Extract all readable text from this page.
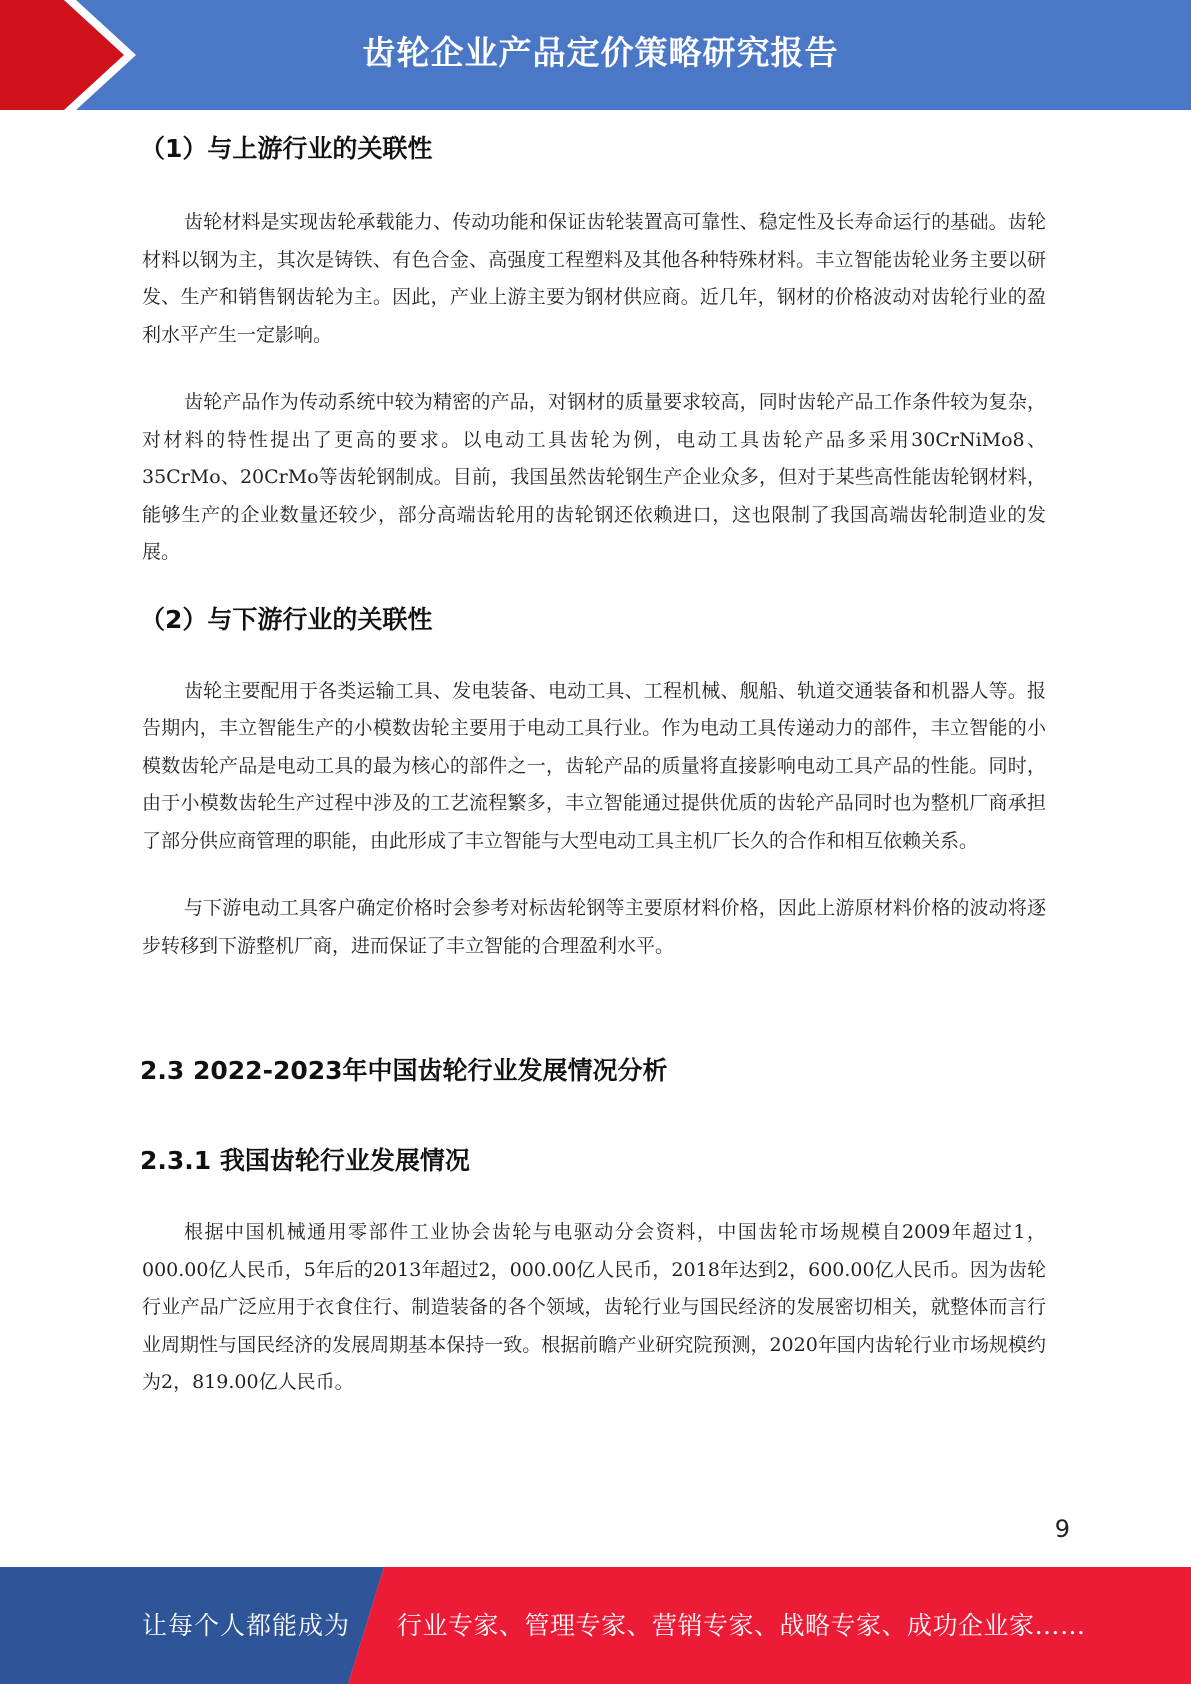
齿轮企业产品定价策略研究报告
（1）与上游行业的关联性

齿轮材料是实现齿轮承载能力、传动功能和保证齿轮装置高可靠性、稳定性及长寿命运行的基础。齿轮材料以钢为主，其次是铸铁、有色合金、高强度工程塑料及其他各种特殊材料。丰立智能齿轮业务主要以研发、生产和销售钢齿轮为主。因此，产业上游主要为钢材供应商。近几年，钢材的价格波动对齿轮行业的盈利水平产生一定影响。

齿轮产品作为传动系统中较为精密的产品，对钢材的质量要求较高，同时齿轮产品工作条件较为复杂，对材料的特性提出了更高的要求。以电动工具齿轮为例，电动工具齿轮产品多采用30CrNiMo8、35CrMo、20CrMo等齿轮钢制成。目前，我国虽然齿轮钢生产企业众多，但对于某些高性能齿轮钢材料，能够生产的企业数量还较少，部分高端齿轮用的齿轮钢还依赖进口，这也限制了我国高端齿轮制造业的发展。

（2）与下游行业的关联性

齿轮主要配用于各类运输工具、发电装备、电动工具、工程机械、舰船、轨道交通装备和机器人等。报告期内，丰立智能生产的小模数齿轮主要用于电动工具行业。作为电动工具传递动力的部件，丰立智能的小模数齿轮产品是电动工具的最为核心的部件之一，齿轮产品的质量将直接影响电动工具产品的性能。同时，由于小模数齿轮生产过程中涉及的工艺流程繁多，丰立智能通过提供优质的齿轮产品同时也为整机厂商承担了部分供应商管理的职能，由此形成了丰立智能与大型电动工具主机厂长久的合作和相互依赖关系。

与下游电动工具客户确定价格时会参考对标齿轮钢等主要原材料价格，因此上游原材料价格的波动将逐步转移到下游整机厂商，进而保证了丰立智能的合理盈利水平。

2.3 2022-2023年中国齿轮行业发展情况分析
2.3.1 我国齿轮行业发展情况

根据中国机械通用零部件工业协会齿轮与电驱动分会资料，中国齿轮市场规模自2009年超过1，000.00亿人民币，5年后的2013年超过2，000.00亿人民币，2018年达到2，600.00亿人民币。因为齿轮行业产品广泛应用于衣食住行、制造装备的各个领域，齿轮行业与国民经济的发展密切相关，就整体而言行业周期性与国民经济的发展周期基本保持一致。根据前瞻产业研究院预测，2020年国内齿轮行业市场规模约为2，819.00亿人民币。

9
让每个人都能成为 行业专家、管理专家、营销专家、战略专家、成功企业家……
